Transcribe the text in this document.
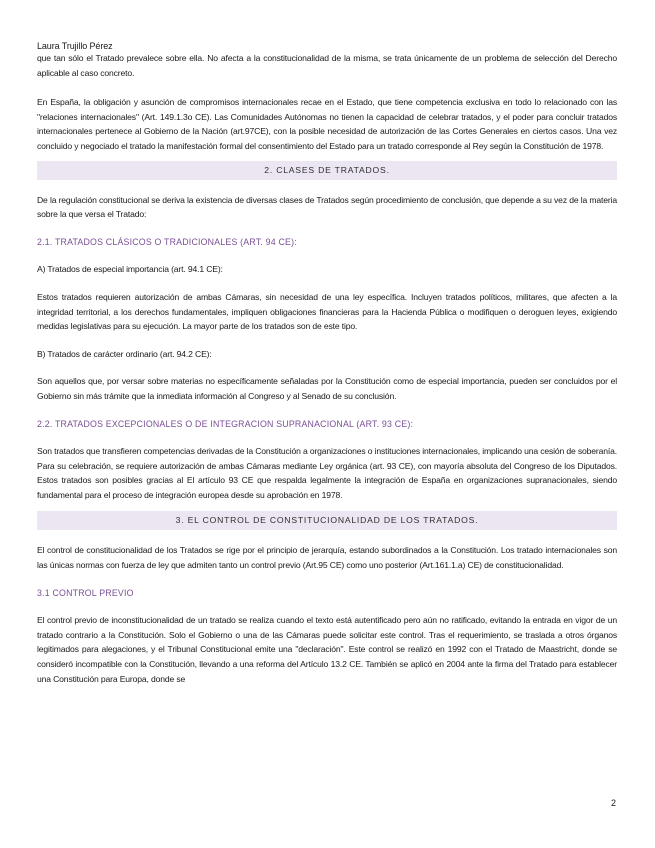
Laura Trujillo Pérez

que tan sólo el Tratado prevalece sobre ella. No afecta a la constitucionalidad de la misma, se trata únicamente de un problema de selección del Derecho aplicable al caso concreto.

En España, la obligación y asunción de compromisos internacionales recae en el Estado, que tiene competencia exclusiva en todo lo relacionado con las "relaciones internacionales" (Art. 149.1.3o CE). Las Comunidades Autónomas no tienen la capacidad de celebrar tratados, y el poder para concluir tratados internacionales pertenece al Gobierno de la Nación (art.97CE), con la posible necesidad de autorización de las Cortes Generales en ciertos casos. Una vez concluido y negociado el tratado la manifestación formal del consentimiento del Estado para un tratado corresponde al Rey según la Constitución de 1978.

2. CLASES DE TRATADOS.

De la regulación constitucional se deriva la existencia de diversas clases de Tratados según procedimiento de conclusión, que depende a su vez de la materia sobre la que versa el Tratado:

2.1. TRATADOS CLÁSICOS O TRADICIONALES (ART. 94 CE):

A) Tratados de especial importancia (art. 94.1 CE):

Estos tratados requieren autorización de ambas Cámaras, sin necesidad de una ley específica. Incluyen tratados políticos, militares, que afecten a la integridad territorial, a los derechos fundamentales, impliquen obligaciones financieras para la Hacienda Pública o modifiquen o deroguen leyes, exigiendo medidas legislativas para su ejecución. La mayor parte de los tratados son de este tipo.

B) Tratados de carácter ordinario (art. 94.2 CE):

Son aquellos que, por versar sobre materias no específicamente señaladas por la Constitución como de especial importancia, pueden ser concluidos por el Gobierno sin más trámite que la inmediata información al Congreso y al Senado de su conclusión.

2.2. TRATADOS EXCEPCIONALES O DE INTEGRACION SUPRANACIONAL (ART. 93 CE):

Son tratados que transfieren competencias derivadas de la Constitución a organizaciones o instituciones internacionales, implicando una cesión de soberanía. Para su celebración, se requiere autorización de ambas Cámaras mediante Ley orgánica (art. 93 CE), con mayoría absoluta del Congreso de los Diputados. Estos tratados son posibles gracias al El artículo 93 CE que respalda legalmente la integración de España en organizaciones supranacionales, siendo fundamental para el proceso de integración europea desde su aprobación en 1978.

3. EL CONTROL DE CONSTITUCIONALIDAD DE LOS TRATADOS.

El control de constitucionalidad de los Tratados se rige por el principio de jerarquía, estando subordinados a la Constitución. Los tratado internacionales son las únicas normas con fuerza de ley que admiten tanto un control previo (Art.95 CE) como uno posterior (Art.161.1.a) CE) de constitucionalidad.

3.1 CONTROL PREVIO

El control previo de inconstitucionalidad de un tratado se realiza cuando el texto está autentificado pero aún no ratificado, evitando la entrada en vigor de un tratado contrario a la Constitución. Solo el Gobierno o una de las Cámaras puede solicitar este control. Tras el requerimiento, se traslada a otros órganos legitimados para alegaciones, y el Tribunal Constitucional emite una "declaración". Este control se realizó en 1992 con el Tratado de Maastricht, donde se consideró incompatible con la Constitución, llevando a una reforma del Artículo 13.2 CE. También se aplicó en 2004 ante la firma del Tratado para establecer una Constitución para Europa, donde se

2
